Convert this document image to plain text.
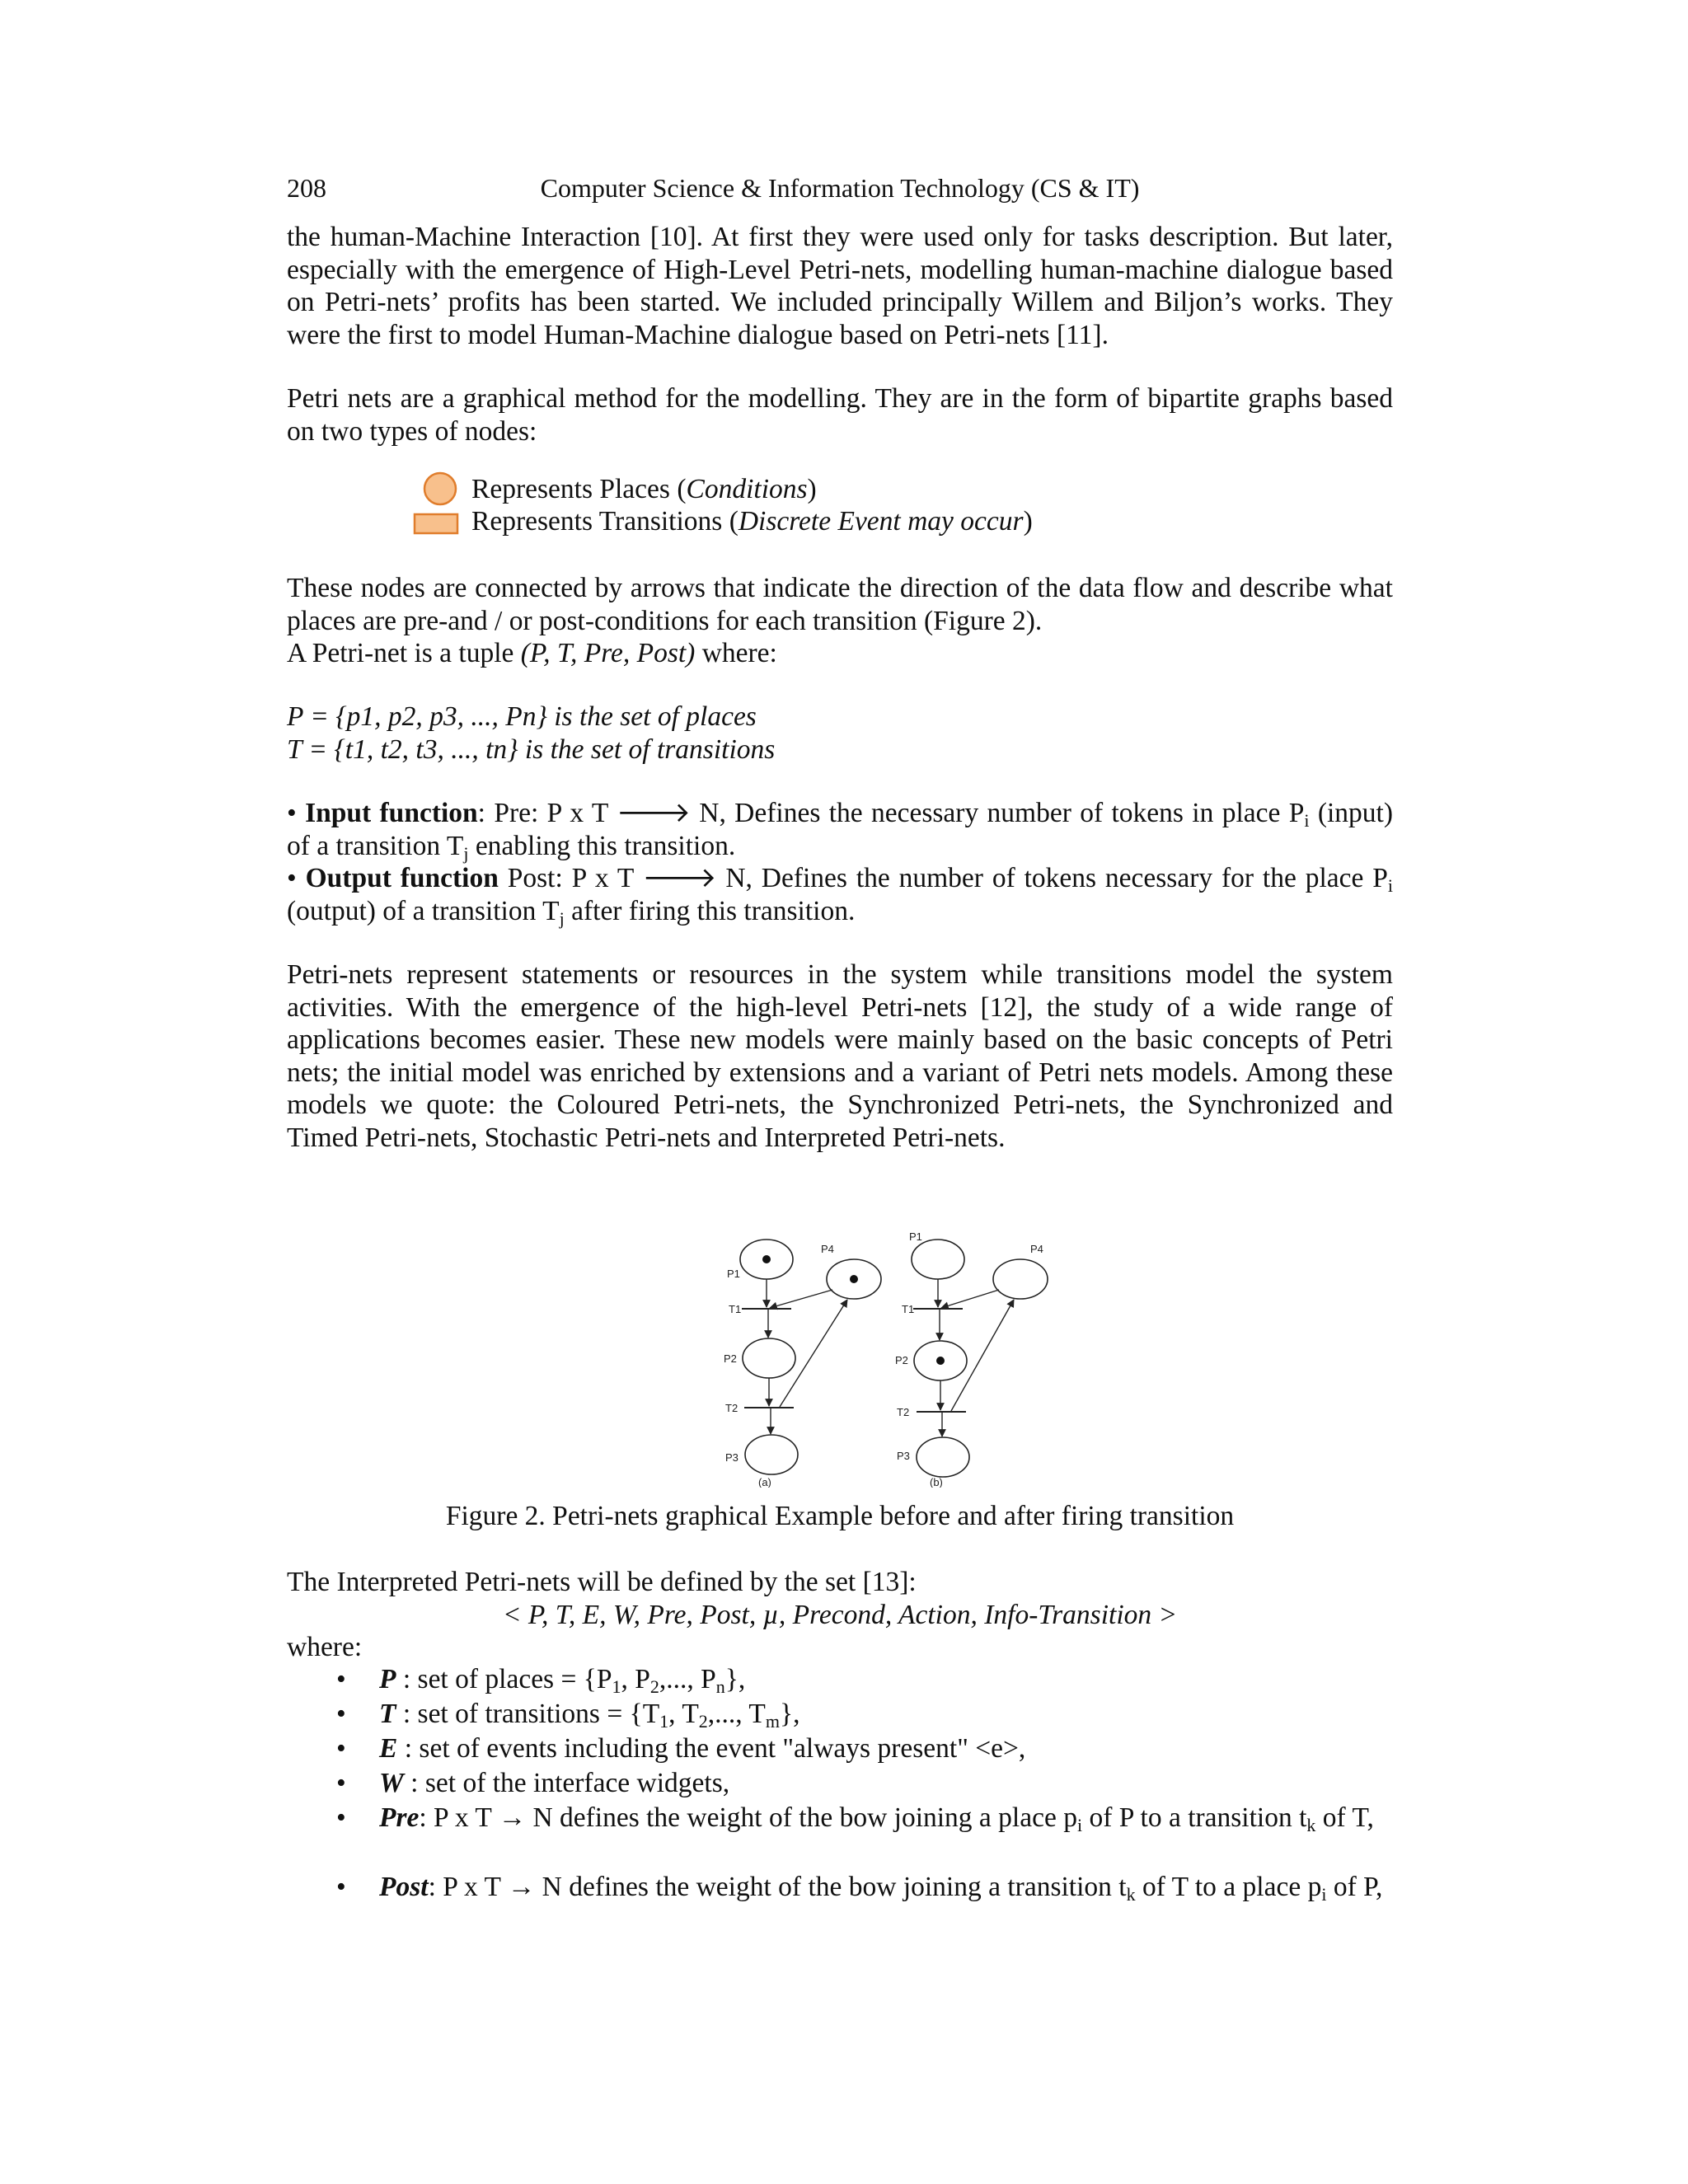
208	Computer Science & Information Technology (CS & IT)

the human-Machine Interaction [10]. At first they were used only for tasks description. But later, especially with the emergence of High-Level Petri-nets, modelling human-machine dialogue based on Petri-nets’ profits has been started. We included principally Willem and Biljon’s works. They were the first to model Human-Machine dialogue based on Petri-nets [11].

Petri nets are a graphical method for the modelling. They are in the form of bipartite graphs based on two types of nodes:

Represents Places (Conditions)
Represents Transitions (Discrete Event may occur)

These nodes are connected by arrows that indicate the direction of the data flow and describe what places are pre-and / or post-conditions for each transition (Figure 2).

A Petri-net is a tuple (P, T, Pre, Post) where:

P = {p1, p2, p3, ..., Pn} is the set of places

T = {t1, t2, t3, ..., tn} is the set of transitions

• Input function: Pre: P x T 🡒 N, Defines the necessary number of tokens in place $P_i$ (input) of a transition $T_j$ enabling this transition.

• Output function Post: P x T 🡒 N, Defines the number of tokens necessary for the place $P_i$ (output) of a transition $T_j$ after firing this transition.

Petri-nets represent statements or resources in the system while transitions model the system activities. With the emergence of the high-level Petri-nets [12], the study of a wide range of applications becomes easier. These new models were mainly based on the basic concepts of Petri nets; the initial model was enriched by extensions and a variant of Petri nets models. Among these models we quote: the Coloured Petri-nets, the Synchronized Petri-nets, the Synchronized and Timed Petri-nets, Stochastic Petri-nets and Interpreted Petri-nets.

P1
P4
T1
P2
T2
P3
(a)
P1
P4
T1
P2
T2
P3
(b)
Figure 2. Petri-nets graphical Example before and after firing transition

The Interpreted Petri-nets will be defined by the set [13]:

< P, T, E, W, Pre, Post, µ, Precond, Action, Info-Transition >

where:

• P : set of places = {$P_1$, $P_2$,..., $P_n$},
• T : set of transitions = {$T_1$, $T_2$,..., $T_m$},
• E : set of events including the event "always present" <e>,
• W : set of the interface widgets,
• Pre: P x T → N defines the weight of the bow joining a place $p_i$ of P to a transition $t_k$ of T,
• Post: P x T → N defines the weight of the bow joining a transition $t_k$ of T to a place $p_i$ of P,
